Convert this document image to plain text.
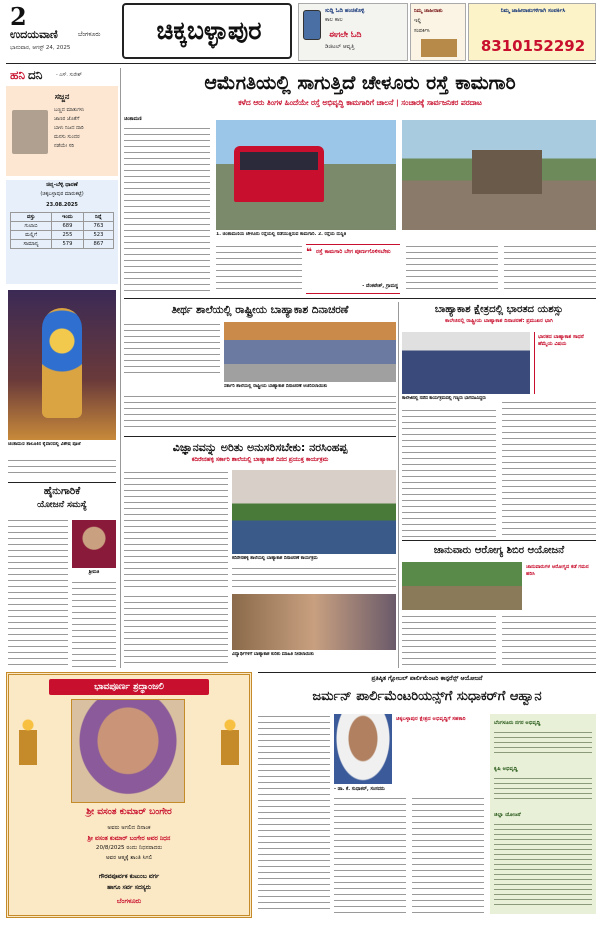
2
ಉದಯವಾಣಿ	ಬೆಂಗಳೂರು
ಭಾನುವಾರ, ಆಗಸ್ಟ್ 24, 2025
ಚಿಕ್ಕಬಳ್ಳಾಪುರ
ಸುದ್ದಿ ಓದಿ ಹಂಚಿಕೊಳ್ಳಿ
ಕಾಲ ಕಾಲ
ಈಗಲೇ ಓದಿ
ಡಿಜಿಟಲ್ ಆವೃತ್ತಿ
ನಿಮ್ಮ ಜಾಹೀರಾತು
ಇಲ್ಲಿ
ಸಂಪರ್ಕಿಸಿ
ನಿಮ್ಮ ಜಾಹೀರಾತುಗಳಿಗಾಗಿ ಸಂಪರ್ಕಿಸಿ
8310152292
ಹನಿ ದನಿ	- ಎಸ್. ಸುರೇಶ್
ಸಜ್ಜನ
ಬಣ್ಣದ ಮಾತುಗಳು
ಜಾಣರ ಜೊತೆಗೆ
ಬಾಳು ನಿಜದ ದಾರಿ
ಮನಸು ಸುಂದರ
ನಡೆಯೇ ಸರಿ
ಚಿನ್ನ-ಬೆಳ್ಳಿ ಧಾರಣೆ
(ಚಿಕ್ಕಬಳ್ಳಾಪುರ ಮಾರುಕಟ್ಟೆ)
23.08.2025
ವಸ್ತು	ಇಂದು	ನಿನ್ನೆ
ಗುಲಾಬಿ	689	763
ಮಲ್ಲಿಗೆ	255	523
ಸಾಮಾನ್ಯ	579	867
ಚಿಂತಾಮಣಿ ತಾಲೂಕಿನ ಕೈವಾರದಲ್ಲಿ ವಿಶೇಷ ಪೂಜೆ
ಹೈನುಗಾರಿಕೆ
ಯೋಜನೆ ಸಮಸ್ಯೆ
ಶ್ರೀಮತಿ
ಆಮೆಗತಿಯಲ್ಲಿ ಸಾಗುತ್ತಿದೆ ಚೇಳೂರು ರಸ್ತೆ ಕಾಮಗಾರಿ
ಕಳೆದ ಆರು ತಿಂಗಳ ಹಿಂದೆಯೇ ರಸ್ತೆ ಅಭಿವೃದ್ಧಿ ಕಾಮಗಾರಿಗೆ ಚಾಲನೆ | ಸಂಚಾರಕ್ಕೆ ಸಾರ್ವಜನಿಕರ ಪರದಾಟ
ಚಿಂತಾಮಣಿ
1. ಚಿಂತಾಮಣಿಯ ಚೇಳೂರು ರಸ್ತೆಯಲ್ಲಿ ನಡೆಯುತ್ತಿರುವ ಕಾಮಗಾರಿ. 2. ರಸ್ತೆಯ ದುಸ್ಥಿತಿ
❝ ರಸ್ತೆ ಕಾಮಗಾರಿ ಬೇಗ ಪೂರ್ಣಗೊಳಿಸಬೇಕು
- ವೆಂಕಟೇಶ್, ಗ್ರಾಮಸ್ಥ
ತೀರ್ಥ ಶಾಲೆಯಲ್ಲಿ ರಾಷ್ಟ್ರೀಯ ಬಾಹ್ಯಾಕಾಶ ದಿನಾಚರಣೆ
ಸರ್ಕಾರಿ ಶಾಲೆಯಲ್ಲಿ ರಾಷ್ಟ್ರೀಯ ಬಾಹ್ಯಾಕಾಶ ದಿನಾಚರಣೆ ಆಚರಿಸಲಾಯಿತು
ವಿಜ್ಞಾನವನ್ನು ಅರಿತು ಅನುಸರಿಸಬೇಕು: ನರಸಿಂಹಪ್ಪ
ಕದಿರೇನಹಳ್ಳಿ ಸರ್ಕಾರಿ ಶಾಲೆಯಲ್ಲಿ ಬಾಹ್ಯಾಕಾಶ ದಿನದ ಪ್ರಯುಕ್ತ ಕಾರ್ಯಕ್ರಮ
ಕದಿರೇನಹಳ್ಳಿ ಶಾಲೆಯಲ್ಲಿ ಬಾಹ್ಯಾಕಾಶ ದಿನಾಚರಣೆ ಕಾರ್ಯಕ್ರಮ
ವಿದ್ಯಾರ್ಥಿಗಳಿಗೆ ಬಾಹ್ಯಾಕಾಶ ಕುರಿತು ಮಾಹಿತಿ ನೀಡಲಾಯಿತು
ಬಾಹ್ಯಾಕಾಶ ಕ್ಷೇತ್ರದಲ್ಲಿ ಭಾರತದ ಯಶಸ್ಸು
ಕಾಲೇಜಿನಲ್ಲಿ ರಾಷ್ಟ್ರೀಯ ಬಾಹ್ಯಾಕಾಶ ದಿನಾಚರಣೆ: ಪ್ರಮುಖರ ಭಾಗಿ
ಕಾಲೇಜಿನಲ್ಲಿ ನಡೆದ ಕಾರ್ಯಕ್ರಮದಲ್ಲಿ ಗಣ್ಯರು ಭಾಗವಹಿಸಿದ್ದರು
ಭಾರತದ ಬಾಹ್ಯಾಕಾಶ ಸಾಧನೆ ಹೆಮ್ಮೆಯ ವಿಷಯ
ಜಾನುವಾರು ಆರೋಗ್ಯ ಶಿಬಿರ ಆಯೋಜನೆ
ಜಾನುವಾರುಗಳ ಆರೋಗ್ಯದ ಕಡೆ ಗಮನ ಹರಿಸಿ
ಭಾವಪೂರ್ಣ ಶ್ರದ್ಧಾಂಜಲಿ
ಶ್ರೀ ವಸಂತ ಕುಮಾರ್ ಬಂಗೇರ
ಅವರು ಅಗಲಿದ ದಿನಾಂಕ
ಶ್ರೀ ವಸಂತ ಕುಮಾರ್ ಬಂಗೇರ ಅವರ ನಿಧನ
20/8/2025 ರಂದು ನಿಧನರಾದರು
ಅವರ ಆತ್ಮಕ್ಕೆ ಶಾಂತಿ ಸಿಗಲಿ
ಗೌರವಪೂರ್ವಕ ಕುಟುಂಬ ವರ್ಗ
ಹಾಗೂ ಸರ್ವ ಸದಸ್ಯರು
ಬೆಂಗಳೂರು
ಪ್ರತಿಷ್ಠಿತ ಗ್ಲೋಬಲ್ ಪಾರ್ಲಿಮೆಂಟರಿ ಕಾನ್ಫರೆನ್ಸ್ ಆಯೋಜನೆ
ಜರ್ಮನ್ ಪಾರ್ಲಿಮೆಂಟರಿಯನ್ಸ್‌ಗೆ ಸುಧಾಕರ್‌ಗೆ ಆಹ್ವಾನ
- ಡಾ. ಕೆ. ಸುಧಾಕರ್, ಸಂಸದರು
ಚಿಕ್ಕಬಳ್ಳಾಪುರ ಕ್ಷೇತ್ರದ ಅಭಿವೃದ್ಧಿಗೆ ಸಹಕಾರಿ
ಬೆಂಗಳೂರು ನಗರ ಅಭಿವೃದ್ಧಿ
ಕೃಷಿ ಅಭಿವೃದ್ಧಿ
ಜಿಲ್ಲಾ ಯೋಜನೆ
